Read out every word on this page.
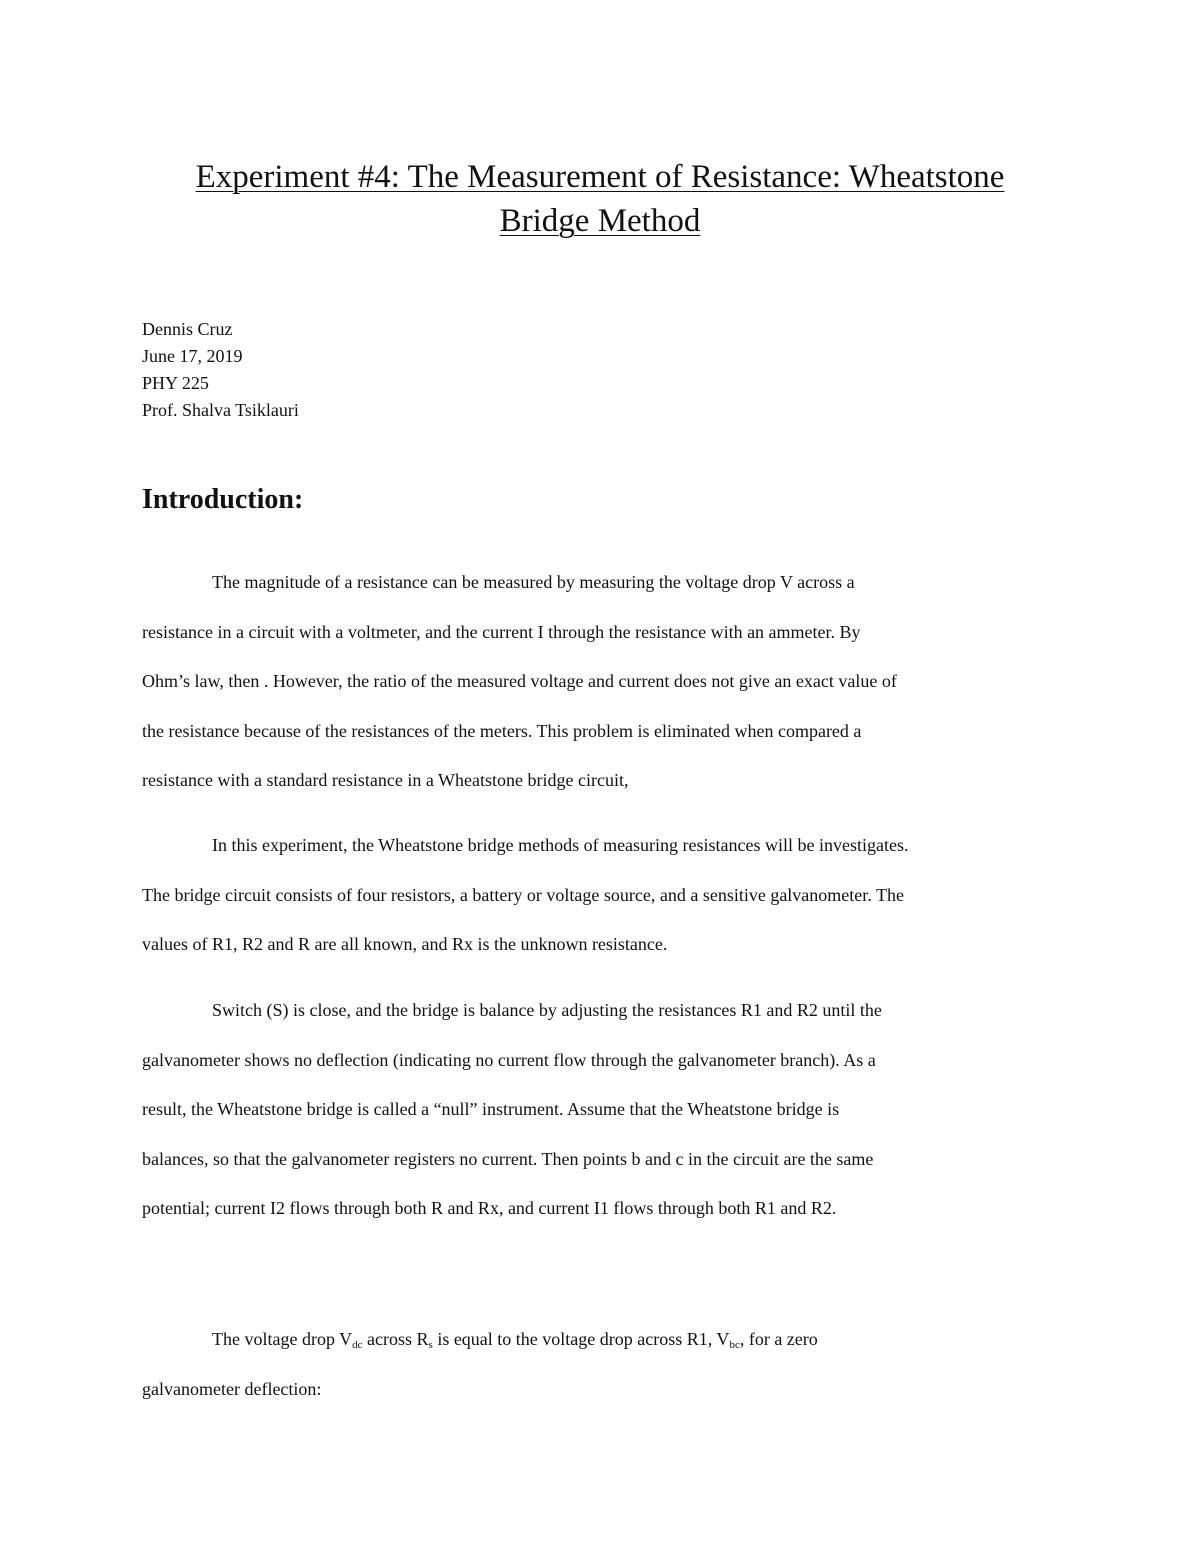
Experiment #4: The Measurement of Resistance: Wheatstone
Bridge Method
Dennis Cruz
June 17, 2019
PHY 225
Prof. Shalva Tsiklauri
Introduction:

The magnitude of a resistance can be measured by measuring the voltage drop V across a
resistance in a circuit with a voltmeter, and the current I through the resistance with an ammeter. By
Ohm’s law, then . However, the ratio of the measured voltage and current does not give an exact value of
the resistance because of the resistances of the meters. This problem is eliminated when compared a
resistance with a standard resistance in a Wheatstone bridge circuit,

In this experiment, the Wheatstone bridge methods of measuring resistances will be investigates.
The bridge circuit consists of four resistors, a battery or voltage source, and a sensitive galvanometer. The
values of R1, R2 and R are all known, and Rx is the unknown resistance.

Switch (S) is close, and the bridge is balance by adjusting the resistances R1 and R2 until the
galvanometer shows no deflection (indicating no current flow through the galvanometer branch). As a
result, the Wheatstone bridge is called a “null” instrument. Assume that the Wheatstone bridge is
balances, so that the galvanometer registers no current. Then points b and c in the circuit are the same
potential; current I2 flows through both R and Rx, and current I1 flows through both R1 and R2.

The voltage drop $V_{dc}$ across $R_s$ is equal to the voltage drop across R1, $V_{bc}$, for a zero
galvanometer deflection:
